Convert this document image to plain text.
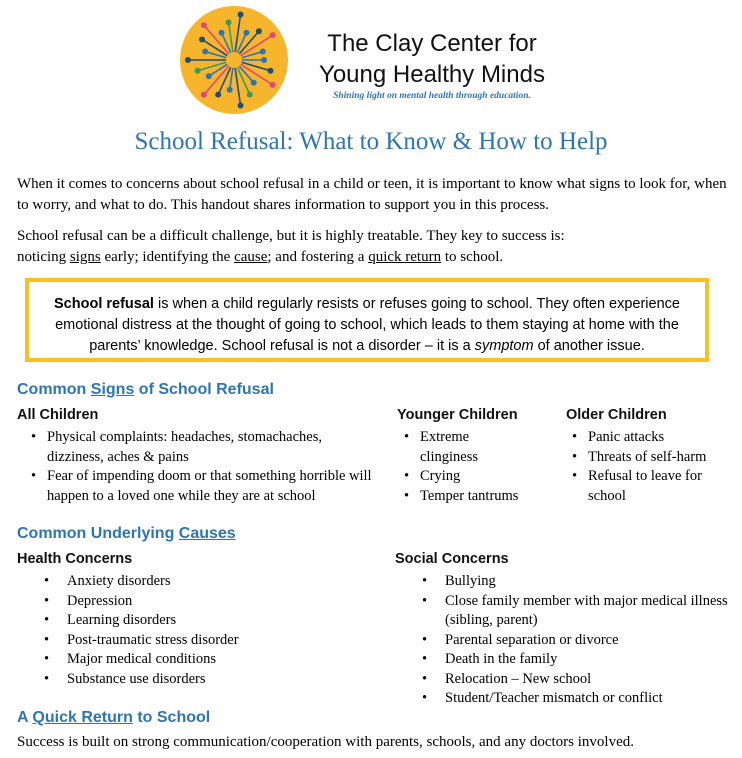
The Clay Center for
Young Healthy Minds
Shining light on mental health through education.
School Refusal: What to Know & How to Help

When it comes to concerns about school refusal in a child or teen, it is important to know what signs to look for, when to worry, and what to do. This handout shares information to support you in this process.

School refusal can be a difficult challenge, but it is highly treatable. They key to success is:
noticing signs early; identifying the cause; and fostering a quick return to school.

School refusal is when a child regularly resists or refuses going to school. They often experience emotional distress at the thought of going to school, which leads to them staying at home with the parents’ knowledge. School refusal is not a disorder – it is a symptom of another issue.
Common Signs of School Refusal
All Children
• Physical complaints: headaches, stomachaches, dizziness, aches & pains
• Fear of impending doom or that something horrible will happen to a loved one while they are at school
Younger Children
• Extreme clinginess
• Crying
• Temper tantrums
Older Children
• Panic attacks
• Threats of self-harm
• Refusal to leave for school
Common Underlying Causes
Health Concerns
• Anxiety disorders
• Depression
• Learning disorders
• Post-traumatic stress disorder
• Major medical conditions
• Substance use disorders
Social Concerns
• Bullying
• Close family member with major medical illness (sibling, parent)
• Parental separation or divorce
• Death in the family
• Relocation – New school
• Student/Teacher mismatch or conflict
A Quick Return to School

Success is built on strong communication/cooperation with parents, schools, and any doctors involved.
